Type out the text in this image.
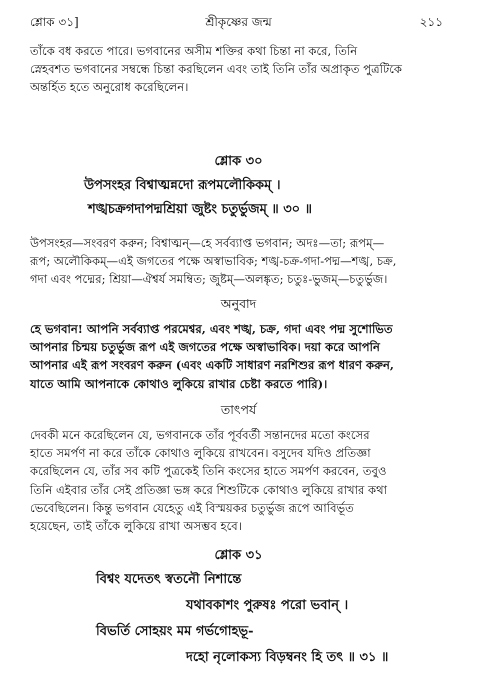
শ্লোক ৩১]	শ্রীকৃষ্ণের জন্ম	২১১
তাঁকে বধ করতে পারে। ভগবানের অসীম শক্তির কথা চিন্তা না করে, তিনি
স্নেহবশত ভগবানের সম্বন্ধে চিন্তা করছিলেন এবং তাই তিনি তাঁর অপ্রাকৃত পুত্রটিকে
অন্তর্হিত হতে অনুরোধ করেছিলেন।
শ্লোক ৩০
উপসংহর বিশ্বাত্মন্নদো রূপমলৌকিকম্ ।
শঙ্খচক্রগদাপদ্মশ্রিয়া জুষ্টং চতুর্ভুজম্ ॥ ৩০ ॥
উপসংহর—সংবরণ করুন; বিশ্বাত্মন্—হে সর্বব্যাপ্ত ভগবান; অদঃ—তা; রূপম্—
রূপ; অলৌকিকম্—এই জগতের পক্ষে অস্বাভাবিক; শঙ্খ-চক্র-গদা-পদ্ম—শঙ্খ, চক্র,
গদা এবং পদ্মের; শ্রিয়া—ঐশ্বর্য সমম্বিত; জুষ্টম্—অলঙ্কৃত; চতুঃ-ভুজম্—চতুর্ভুজ।
অনুবাদ
হে ভগবান! আপনি সর্বব্যাপ্ত পরমেশ্বর, এবং শঙ্খ, চক্র, গদা এবং পদ্ম সুশোভিত
আপনার চিন্ময় চতুর্ভুজ রূপ এই জগতের পক্ষে অস্বাভাবিক। দয়া করে আপনি
আপনার এই রূপ সংবরণ করুন (এবং একটি সাধারণ নরশিশুর রূপ ধারণ করুন,
যাতে আমি আপনাকে কোথাও লুকিয়ে রাখার চেষ্টা করতে পারি)।
তাৎপর্য
দেবকী মনে করেছিলেন যে, ভগবানকে তাঁর পূর্ববর্তী সন্তানদের মতো কংসের
হাতে সমর্পণ না করে তাঁকে কোথাও লুকিয়ে রাখবেন। বসুদেব যদিও প্রতিজ্ঞা
করেছিলেন যে, তাঁর সব কটি পুত্রকেই তিনি কংসের হাতে সমর্পণ করবেন, তবুও
তিনি এইবার তাঁর সেই প্রতিজ্ঞা ভঙ্গ করে শিশুটিকে কোথাও লুকিয়ে রাখার কথা
ভেবেছিলেন। কিন্তু ভগবান যেহেতু এই বিস্ময়কর চতুর্ভুজ রূপে আবির্ভূত
হয়েছেন, তাই তাঁকে লুকিয়ে রাখা অসম্ভব হবে।
শ্লোক ৩১
বিশ্বং যদেতৎ স্বতনৌ নিশান্তে
যথাবকাশং পুরুষঃ পরো ভবান্ ।
বিভর্তি সোহয়ং মম গর্ভগোহভূ-
দহো নৃলোকস্য বিড়ম্বনং হি তৎ ॥ ৩১ ॥
